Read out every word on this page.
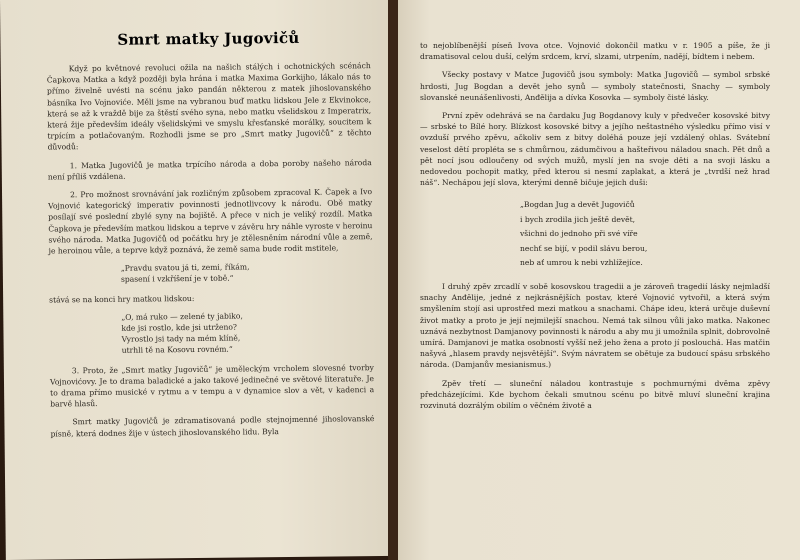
Smrt matky Jugovičů

Když po květnové revoluci ožila na našich stálých i ochotnických scénách Čapkova Matka a když později byla hrána i matka Maxima Gorkijho, lákalo nás to přímo živelně uvésti na scénu jako pandán některou z matek jihoslovanského básníka Ivo Vojnoviće. Měli jsme na vybranou buď matku lidskou Jele z Ekvinokce, která se až k vraždě bije za štěstí svého syna, nebo matku všelidskou z Imperatrix, která žije především ideály všelidskými ve smyslu křesťanské morálky, soucitem k trpícím a potlačovaným. Rozhodli jsme se pro „Smrt matky Jugovičů“ z těchto důvodů:

1. Matka Jugovičů je matka trpícího národa a doba poroby našeho národa není příliš vzdálena.

2. Pro možnost srovnávání jak rozličným způsobem zpracoval K. Čapek a Ivo Vojnović kategorický imperativ povinnosti jednotlivcovy k národu. Obě matky posílají své poslední zbylé syny na bojiště. A přece v nich je veliký rozdíl. Matka Čapkova je především matkou lidskou a teprve v závěru hry náhle vyroste v heroinu svého národa. Matka Jugovičů od počátku hry je ztělesněním národní vůle a země, je heroinou vůle, a teprve když poznává, že země sama bude rodit mstitele,

„Pravdu svatou já ti, zemi, říkám,
spasení i vzkříšení je v tobě.“

stává se na konci hry matkou lidskou:

„O, má ruko — zelené ty jabiko,
kde jsi rostlo, kde jsi utrženo?
Vyrostlo jsi tady na mém klíně,
utrhli tě na Kosovu rovném.“

3. Proto, že „Smrt matky Jugovičů“ je uměleckým vrcholem slovesné tvorby Vojnovićovy. Je to drama baladické a jako takové jedinečné ve světové literatuře. Je to drama přímo musické v rytmu a v tempu a v dynamice slov a vět, v kadenci a barvě hlasů.

Smrt matky Jugovičů je zdramatisovaná podle stejnojmenné jihoslovanské písně, která dodnes žije v ústech jihoslovanského lidu. Byla

to nejoblíbenější píseň Ivova otce. Vojnović dokončil matku v r. 1905 a píše, že ji dramatisoval celou duší, celým srdcem, krví, slzami, utrpením, nadějí, bídtem i nebem.

Všecky postavy v Matce Jugovičů jsou symboly: Matka Jugovičů — symbol srbské hrdosti, Jug Bogdan a devět jeho synů — symboly statečnosti, Snachy — symboly slovanské neunášenlivosti, Anđělija a dívka Kosovka — symboly čisté lásky.

První zpěv odehrává se na čardaku Jug Bogdanovy kuly v předvečer kosovské bitvy — srbské to Bílé hory. Blízkost kosovské bitvy a jejího neštastného výsledku přímo visí v ovzduší prvého zpěvu, ačkoliv sem z bitvy doléhá pouze její vzdálený ohlas. Svátební veselost dětí propléta se s chmůrnou, zádumčivou a hašteřivou náladou snach. Pět dnů a pět nocí jsou odloučeny od svých mužů, myslí jen na svoje děti a na svoji lásku a nedovedou pochopit matky, před kterou si nesmí zaplakat, a která je „tvrdší než hrad náš“. Nechápou její slova, kterými denně bičuje jejich duši:

„Bogdan Jug a devět Jugovičů
i bych zrodila jich ještě devět,
všichni do jednoho při své víře
nechť se bijí, v podil slávu berou,
neb ať umrou k nebi vzhlížejíce.

I druhý zpěv zrcadlí v sobě kosovskou tragedii a je zároveň tragedií lásky nejmladší snachy Anđělije, jedné z nejkrásnějších postav, které Vojnović vytvořil, a která svým smyšlením stojí asi uprostřed mezi matkou a snachami. Chápe ideu, která určuje duševní život matky a proto je její nejmilejší snachou. Nemá tak silnou vůli jako matka. Nakonec uznává nezbytnost Damjanovy povinnosti k národu a aby mu ji umožnila splnit, dobrovolně umírá. Damjanovi je matka osobností vyšší než jeho žena a proto jí poslouchá. Has matčin našyvá „hlasem pravdy nejsvětější“. Svým návratem se obětuje za budoucí spásu srbského národa. (Damjanův mesianismus.)

Zpěv třetí — sluneční náladou kontrastuje s pochmurnými dvěma zpěvy předcházejícími. Kde bychom čekali smutnou scénu po bitvě mluví sluneční krajina rozvinutá dozrálým obilím o věčném životě a
